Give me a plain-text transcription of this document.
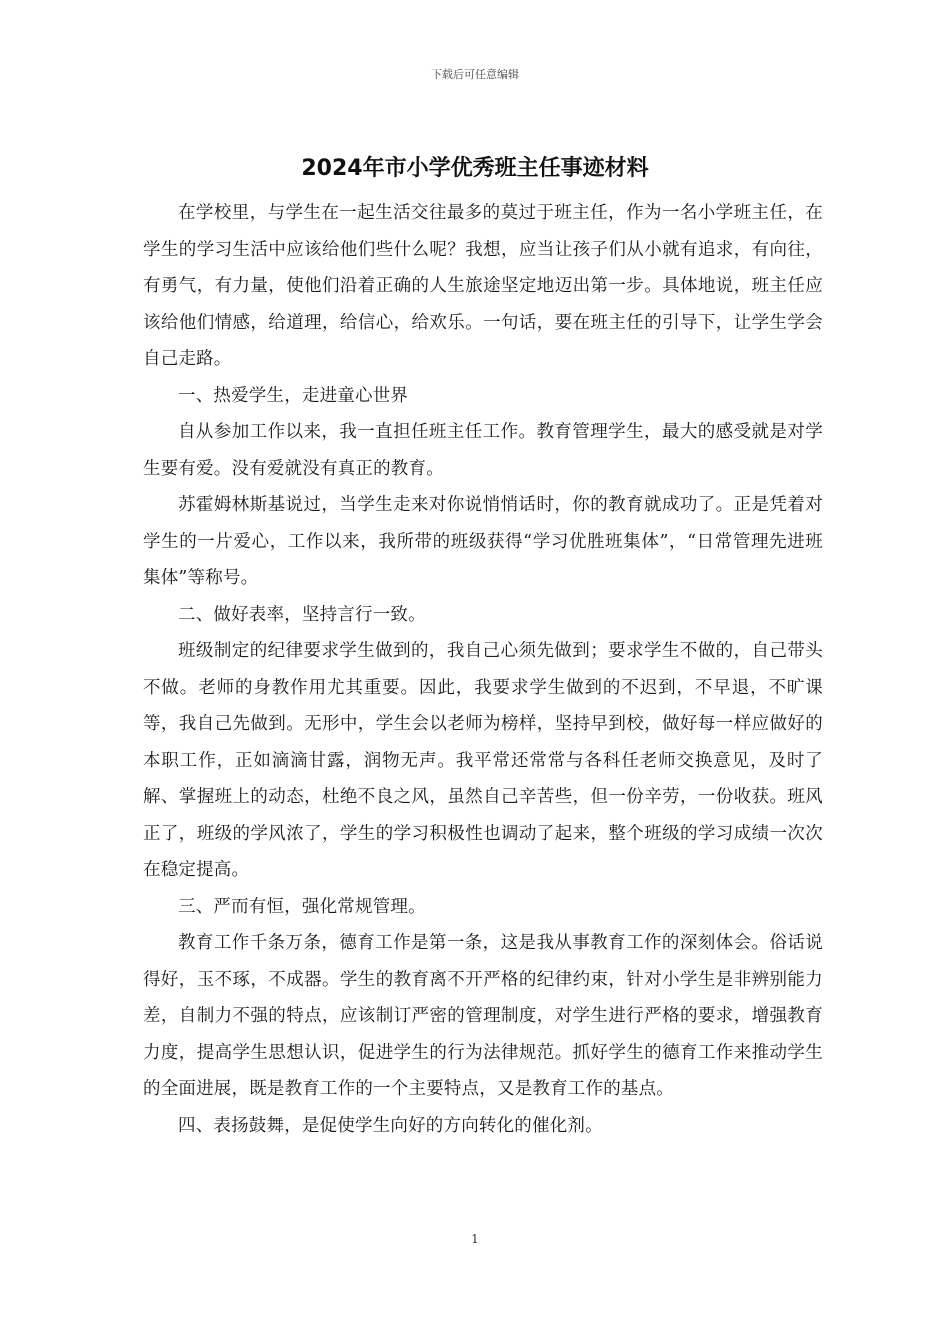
下载后可任意编辑
2024年市小学优秀班主任事迹材料

在学校里，与学生在一起生活交往最多的莫过于班主任，作为一名小学班主任，在学生的学习生活中应该给他们些什么呢？我想，应当让孩子们从小就有追求，有向往，有勇气，有力量，使他们沿着正确的人生旅途坚定地迈出第一步。具体地说，班主任应该给他们情感，给道理，给信心，给欢乐。一句话，要在班主任的引导下，让学生学会自己走路。

一、热爱学生，走进童心世界

自从参加工作以来，我一直担任班主任工作。教育管理学生，最大的感受就是对学生要有爱。没有爱就没有真正的教育。

苏霍姆林斯基说过，当学生走来对你说悄悄话时，你的教育就成功了。正是凭着对学生的一片爱心，工作以来，我所带的班级获得“学习优胜班集体”，“日常管理先进班集体”等称号。

二、做好表率，坚持言行一致。

班级制定的纪律要求学生做到的，我自己心须先做到；要求学生不做的，自己带头不做。老师的身教作用尤其重要。因此，我要求学生做到的不迟到，不早退，不旷课等，我自己先做到。无形中，学生会以老师为榜样，坚持早到校，做好每一样应做好的本职工作，正如滴滴甘露，润物无声。我平常还常常与各科任老师交换意见，及时了解、掌握班上的动态，杜绝不良之风，虽然自己辛苦些，但一份辛劳，一份收获。班风正了，班级的学风浓了，学生的学习积极性也调动了起来，整个班级的学习成绩一次次在稳定提高。

三、严而有恒，强化常规管理。

教育工作千条万条，德育工作是第一条，这是我从事教育工作的深刻体会。俗话说得好，玉不琢，不成器。学生的教育离不开严格的纪律约束，针对小学生是非辨别能力差，自制力不强的特点，应该制订严密的管理制度，对学生进行严格的要求，增强教育力度，提高学生思想认识，促进学生的行为法律规范。抓好学生的德育工作来推动学生的全面进展，既是教育工作的一个主要特点，又是教育工作的基点。

四、表扬鼓舞，是促使学生向好的方向转化的催化剂。

1
